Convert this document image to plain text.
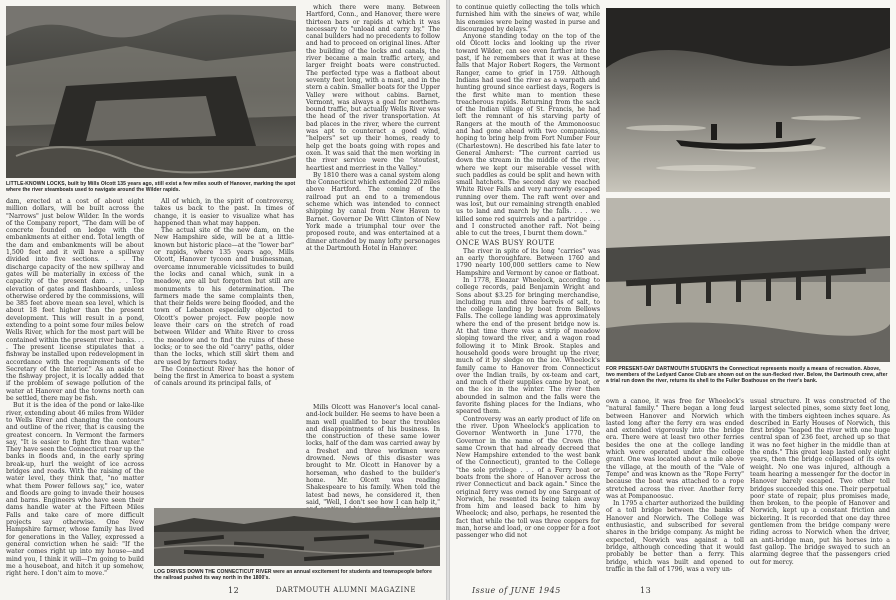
LITTLE-KNOWN LOCKS, built by Mills Olcott 135 years ago, still exist a few miles south of Hanover, marking the spot where the river steamboats used to navigate around the Wilder rapids.

which there were many. Between Hartford, Conn., and Hanover, there were thirteen bars or rapids at which it was necessary to "unload and carry by." The canal builders had no precedents to follow and had to proceed on original lines. After the building of the locks and canals, the river became a main traffic artery, and larger freight boats were constructed. The perfected type was a flatboat about seventy feet long, with a mast, and in the stern a cabin. Smaller boats for the Upper Valley were without cabins. Barnet, Vermont, was always a goal for northern-bound traffic, but actually Wells River was the head of the river transportation. At bad places in the river, where the current was apt to counteract a good wind, "helpers" set up their homes, ready to help get the boats going with ropes and oxen. It was said that the men working in the river service were the "stoutest, heartiest and merriest in the Valley."

By 1810 there was a canal system along the Connecticut which extended 220 miles above Hartford. The coming of the railroad put an end to a tremendous scheme which was intended to connect shipping by canal from New Haven to Barnet. Governor De Witt Clinton of New York made a triumphal tour over the proposed route, and was entertained at a dinner attended by many lofty personages at the Dartmouth Hotel in Hanover.

dam, erected at a cost of about eight million dollars, will be built across the "Narrows" just below Wilder. In the words of the Company report, "The dam will be of concrete founded on ledge with the embankments at either end. Total length of the dam and embankments will be about 1,500 feet and it will have a spillway divided into five sections. . . . The discharge capacity of the new spillway and gates will be materially in excess of the capacity of the present dam. . . . Top elevation of gates and flashboards, unless otherwise ordered by the commissions, will be 385 feet above mean sea level, which is about 18 feet higher than the present development. This will result in a pond, extending to a point some four miles below Wells River, which for the most part will be contained within the present river banks. . . . The present license stipulates that a fishway be installed upon redevelopment in accordance with the requirements of the Secretary of the Interior." As an aside to the fishway project, it is locally added that if the problem of sewage pollution of the water at Hanover and the towns north can be settled, there may be fish.

But it is the idea of the pond or lake-like river, extending about 46 miles from Wilder to Wells River and changing the contours and outline of the river, that is causing the greatest concern. In Vermont the farmers say, "It is easier to fight fire than water." They have seen the Connecticut roar up the banks in floods and, in the early spring break-up, hurl the weight of ice across bridges and roads. With the raising of the water level, they think that, "no matter what them Power fellows say," ice, water and floods are going to invade their houses and barns. Engineers who have seen their dams handle water at the Fifteen Miles Falls and take care of more difficult projects say otherwise. One New Hampshire farmer, whose family has lived for generations in the Valley, expressed a general conviction when he said: "If the water comes right up into my house—and mind you, I think it will—I'm going to build me a houseboat, and hitch it up somehow, right here. I don't aim to move."

All of which, in the spirit of controversy, takes us back to the past. In times of change, it is easier to visualize what has happened than what may happen.

The actual site of the new dam, on the New Hampshire side, will be at a little-known but historic place—at the "lower bar" or rapids, where 135 years ago, Mills Olcott, Hanover tycoon and businessman, overcame innumerable vicissitudes to build the locks and canal which, sunk in a meadow, are all but forgotten but still are monuments to his determination. The farmers made the same complaints then, that their fields were being flooded, and the town of Lebanon especially objected to Olcott's power project. Few people now leave their cars on the stretch of road between Wilder and White River to cross the meadow and to find the ruins of these locks; or to see the old "carry" paths, older than the locks, which still skirt them and are used by farmers today.

The Connecticut River has the honor of being the first in America to boast a system of canals around its principal falls, of

Mills Olcott was Hanover's local canal-and-lock builder. He seems to have been a man well qualified to bear the troubles and disappointments of his business. In the construction of these same lower locks, half of the dam was carried away by a freshet and three workmen were drowned. News of this disaster was brought to Mr. Olcott in Hanover by a horseman, who dashed to the builder's home. Mr. Olcott was reading Shakespeare to his family. When told the latest bad news, he considered it, then said, "Well, I don't see how I can help it,"

LOG DRIVES DOWN THE CONNECTICUT RIVER were an annual excitement for students and townspeople before the railroad pushed its way north in the 1800's.
12	DARTMOUTH ALUMNI MAGAZINE

to continue quietly collecting the tolls which furnished him with the sinews of war, while his enemies were being wasted in purse and discouraged by delays."

Anyone standing today on the top of the old Olcott locks and looking up the river toward Wilder, can see even farther into the past, if he remembers that it was at these falls that Major Robert Rogers, the Vermont Ranger, came to grief in 1759. Although Indians had used the river as a warpath and hunting ground since earliest days, Rogers is the first white man to mention these treacherous rapids. Returning from the sack of the Indian village of St. Francis, he had left the remnant of his starving party of Rangers at the mouth of the Ammonoosuc and had gone ahead with two companions, hoping to bring help from Fort Number Four (Charlestown). He described his fate later to General Amherst: "The current carried us down the stream in the middle of the river, where we kept our miserable vessel with such paddles as could be split and hewn with small hatchets. The second day we reached White River Falls and very narrowly escaped running over them. The raft went over and was lost, but our remaining strength enabled us to land and march by the falls. . . . we killed some red squirrels and a partridge . . . and I constructed another raft. Not being able to cut the trees, I burnt them down."

ONCE WAS BUSY ROUTE

The river in spite of its long "carries" was an early thoroughfare. Between 1760 and 1790 nearly 100,000 settlers came to New Hampshire and Vermont by canoe or flatboat.

In 1778, Eleazar Wheelock, according to college records, paid Benjamin Wright and Sons about $3.25 for bringing merchandise, including rum and three barrels of salt, to the college landing by boat from Bellows Falls. The college landing was approximately where the end of the present bridge now is. At that time there was a strip of meadow sloping toward the river, and a wagon road following it to Mink Brook. Staples and household goods were brought up the river, much of it by sledge on the ice. Wheelock's family came to Hanover from Connecticut over the Indian trails, by ox-team and cart, and much of their supplies came by boat, or on the ice in the winter. The river then abounded in salmon and the falls were the favorite fishing places for the Indians, who speared them.

Controversy was an early product of life on the river. Upon Wheelock's application to Governor Wentworth in June 1770, the Governor in the name of the Crown (the same Crown that had already decreed that New Hampshire extended to the west bank of the Connecticut), granted to the College "the sole privilege . . . of a Ferry boat or boats from the shore of Hanover across the river Connecticut and back again." Since the original ferry was owned by one Sargeant of Norwich, he resented its being taken away from him and leased back to him by Wheelock; and also, perhaps, he resented the fact that while the toll was three coppers for man, horse and load, or one copper for a foot passenger who did not

FOR PRESENT-DAY DARTMOUTH STUDENTS the Connecticut represents mostly a means of recreation. Above, two members of the Ledyard Canoe Club are shown out on the sun-flecked river. Below, the Dartmouth crew, after a trial run down the river, returns its shell to the Fuller Boathouse on the river's bank.

own a canoe, it was free for Wheelock's "natural family." There began a long feud between Hanover and Norwich which lasted long after the ferry era was ended and extended vigorously into the bridge era. There were at least two other ferries besides the one at the college landing which were operated under the college grant. One was located about a mile above the village, at the mouth of the "Vale of Tempe" and was known as the "Rope Ferry" because the boat was attached to a rope stretched across the river. Another ferry was at Pompanoosuc.

In 1795 a charter authorized the building of a toll bridge between the banks of Hanover and Norwich. The College was enthusiastic, and subscribed for several shares in the bridge company. As might be expected, Norwich was against a toll bridge, although conceding that it would probably be better than a ferry. This bridge, which was built and opened to traffic in the fall of 1796, was a very un-

usual structure. It was constructed of the largest selected pines, some sixty feet long, with the timbers eighteen inches square. As described in Early Houses of Norwich, this first bridge "leaped the river with one huge central span of 236 feet, arched up so that it was no feet higher in the middle than at the ends." This great leap lasted only eight years, then the bridge collapsed of its own weight. No one was injured, although a team hearing a messenger for the doctor in Hanover barely escaped. Two other toll bridges succeeded this one. Their perpetual poor state of repair, plus promises made, then broken, to the people of Hanover and Norwich, kept up a constant friction and bickering. It is recorded that one day three gentlemen from the bridge company were riding across to Norwich when the driver, an anti-bridge man, put his horses into a fast gallop. The bridge swayed to such an alarming degree that the passengers cried out for mercy.

Issue of JUNE 1945	13
